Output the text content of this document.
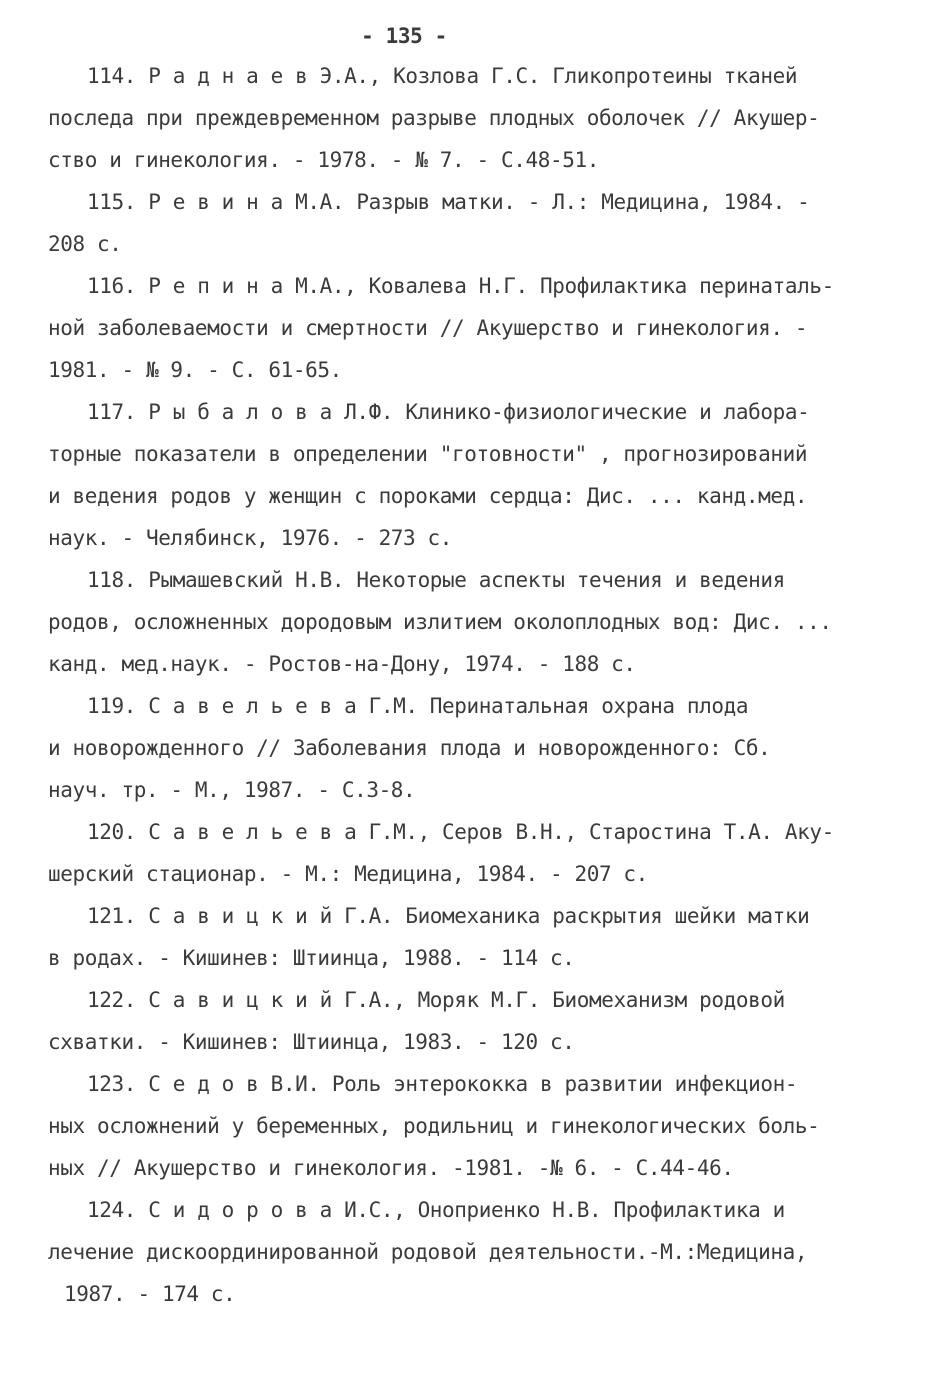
- 135 -
114. Р а д н а е в Э.А., Козлова Г.С. Гликопротеины тканей
последа при преждевременном разрыве плодных оболочек // Акушер-
ство и гинекология. - 1978. - № 7. - С.48-51.
115. Р е в и н а М.А. Разрыв матки. - Л.: Медицина, 1984. -
208 с.
116. Р е п и н а М.А., Ковалева Н.Г. Профилактика перинаталь-
ной заболеваемости и смертности // Акушерство и гинекология. -
1981. - № 9. - С. 61-65.
117. Р ы б а л о в а Л.Ф. Клинико-физиологические и лабора-
торные показатели в определении "готовности" , прогнозирований
и ведения родов у женщин с пороками сердца: Дис. ... канд.мед.
наук. - Челябинск, 1976. - 273 с.
118. Рымашевский Н.В. Некоторые аспекты течения и ведения
родов, осложненных дородовым излитием околоплодных вод: Дис. ...
канд. мед.наук. - Ростов-на-Дону, 1974. - 188 с.
119. С а в е л ь е в а Г.М. Перинатальная охрана плода
и новорожденного // Заболевания плода и новорожденного: Сб.
науч. тр. - М., 1987. - С.3-8.
120. С а в е л ь е в а Г.М., Серов В.Н., Старостина Т.А. Аку-
шерский стационар. - М.: Медицина, 1984. - 207 с.
121. С а в и ц к и й Г.А. Биомеханика раскрытия шейки матки
в родах. - Кишинев: Штиинца, 1988. - 114 с.
122. С а в и ц к и й Г.А., Моряк М.Г. Биомеханизм родовой
схватки. - Кишинев: Штиинца, 1983. - 120 с.
123. С е д о в В.И. Роль энтерококка в развитии инфекцион-
ных осложнений у беременных, родильниц и гинекологических боль-
ных // Акушерство и гинекология. -1981. -№ 6. - С.44-46.
124. С и д о р о в а И.С., Оноприенко Н.В. Профилактика и
лечение дискоординированной родовой деятельности.-М.:Медицина,
1987. - 174 с.
